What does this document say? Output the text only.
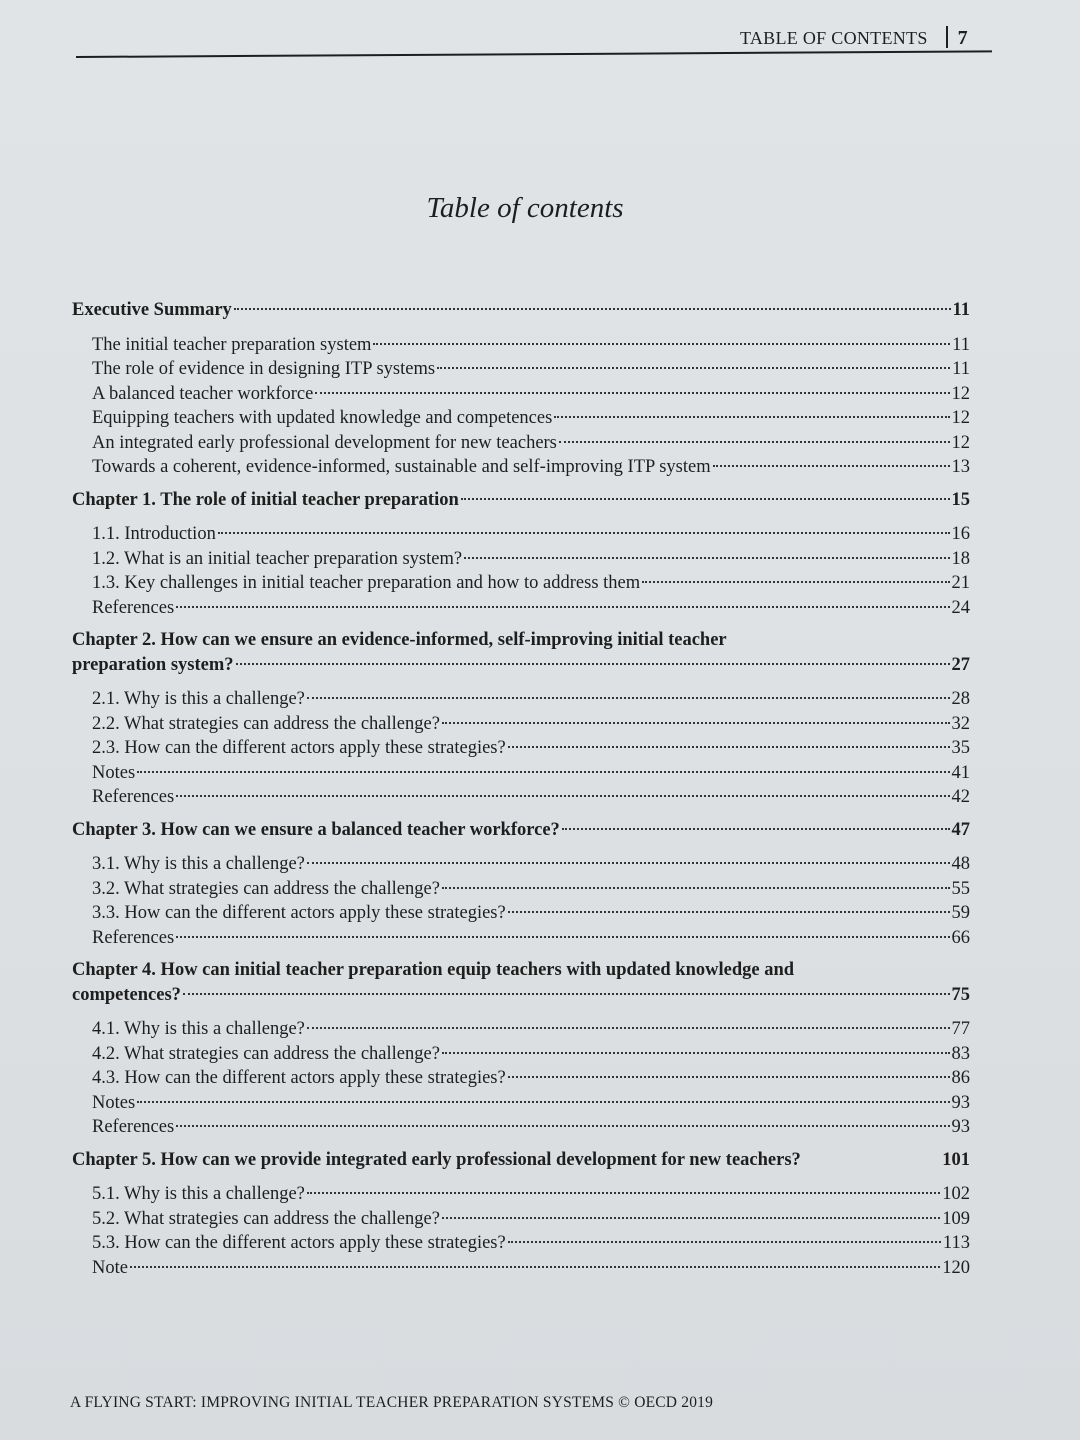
TABLE OF CONTENTS 7
Table of contents
Executive Summary	11
The initial teacher preparation system	11
The role of evidence in designing ITP systems	11
A balanced teacher workforce	12
Equipping teachers with updated knowledge and competences	12
An integrated early professional development for new teachers	12
Towards a coherent, evidence-informed, sustainable and self-improving ITP system	13
Chapter 1. The role of initial teacher preparation	15
1.1. Introduction	16
1.2. What is an initial teacher preparation system?	18
1.3. Key challenges in initial teacher preparation and how to address them	21
References	24
Chapter 2. How can we ensure an evidence-informed, self-improving initial teacher
preparation system?	27
2.1. Why is this a challenge?	28
2.2. What strategies can address the challenge?	32
2.3. How can the different actors apply these strategies?	35
Notes	41
References	42
Chapter 3. How can we ensure a balanced teacher workforce?	47
3.1. Why is this a challenge?	48
3.2. What strategies can address the challenge?	55
3.3. How can the different actors apply these strategies?	59
References	66
Chapter 4. How can initial teacher preparation equip teachers with updated knowledge and
competences?	75
4.1. Why is this a challenge?	77
4.2. What strategies can address the challenge?	83
4.3. How can the different actors apply these strategies?	86
Notes	93
References	93
Chapter 5. How can we provide integrated early professional development for new teachers?	101
5.1. Why is this a challenge?	102
5.2. What strategies can address the challenge?	109
5.3. How can the different actors apply these strategies?	113
Note	120
A FLYING START: IMPROVING INITIAL TEACHER PREPARATION SYSTEMS © OECD 2019
